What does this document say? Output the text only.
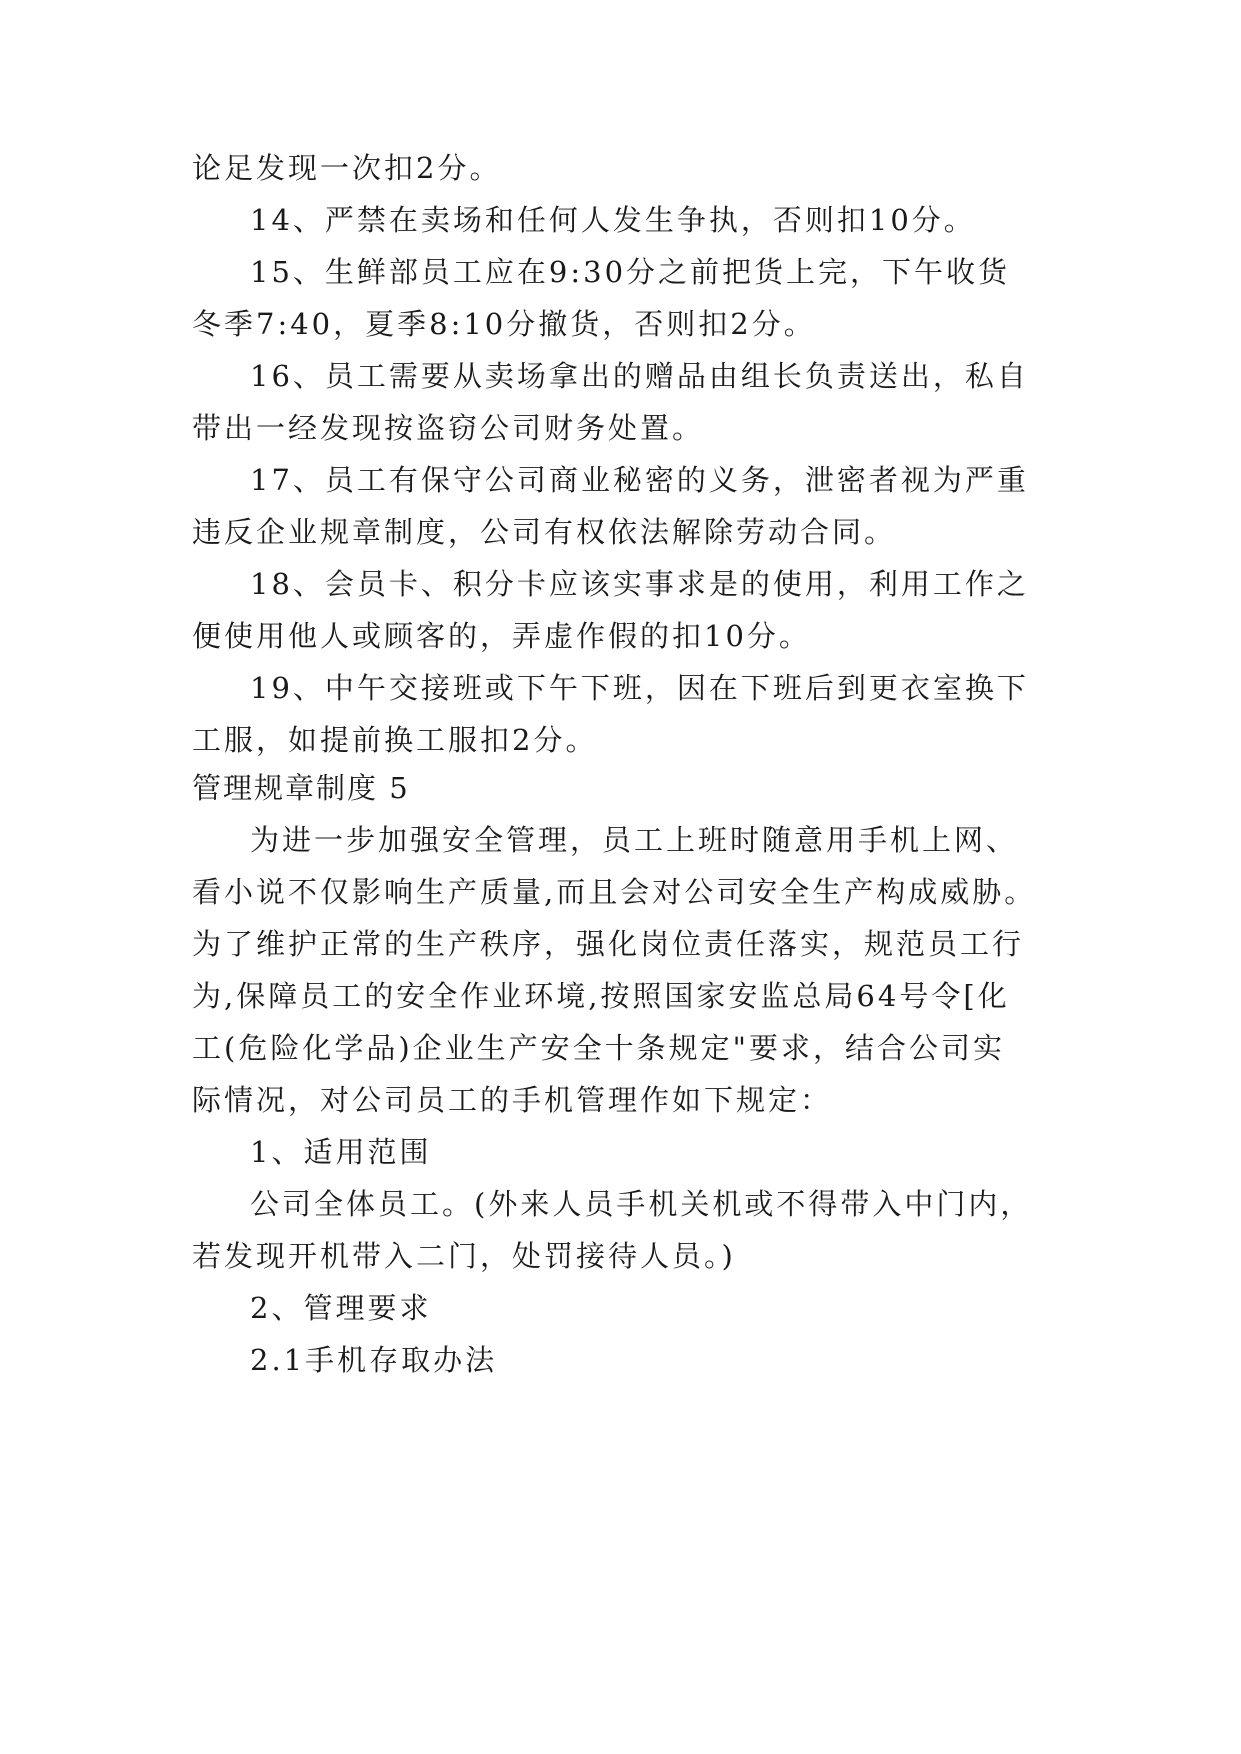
论足发现一次扣2分。
14、严禁在卖场和任何人发生争执，否则扣10分。
15、生鲜部员工应在9:30分之前把货上完，下午收货
冬季7:40，夏季8:10分撤货，否则扣2分。
16、员工需要从卖场拿出的赠品由组长负责送出，私自
带出一经发现按盗窃公司财务处置。
17、员工有保守公司商业秘密的义务，泄密者视为严重
违反企业规章制度，公司有权依法解除劳动合同。
18、会员卡、积分卡应该实事求是的使用，利用工作之
便使用他人或顾客的，弄虚作假的扣10分。
19、中午交接班或下午下班，因在下班后到更衣室换下
工服，如提前换工服扣2分。
管理规章制度 5
为进一步加强安全管理，员工上班时随意用手机上网、
看小说不仅影响生产质量,而且会对公司安全生产构成威胁。
为了维护正常的生产秩序，强化岗位责任落实，规范员工行
为,保障员工的安全作业环境,按照国家安监总局64号令[化
工(危险化学品)企业生产安全十条规定"要求，结合公司实
际情况，对公司员工的手机管理作如下规定：
1、适用范围
公司全体员工。(外来人员手机关机或不得带入中门内，
若发现开机带入二门，处罚接待人员。)
2、管理要求
2.1手机存取办法
